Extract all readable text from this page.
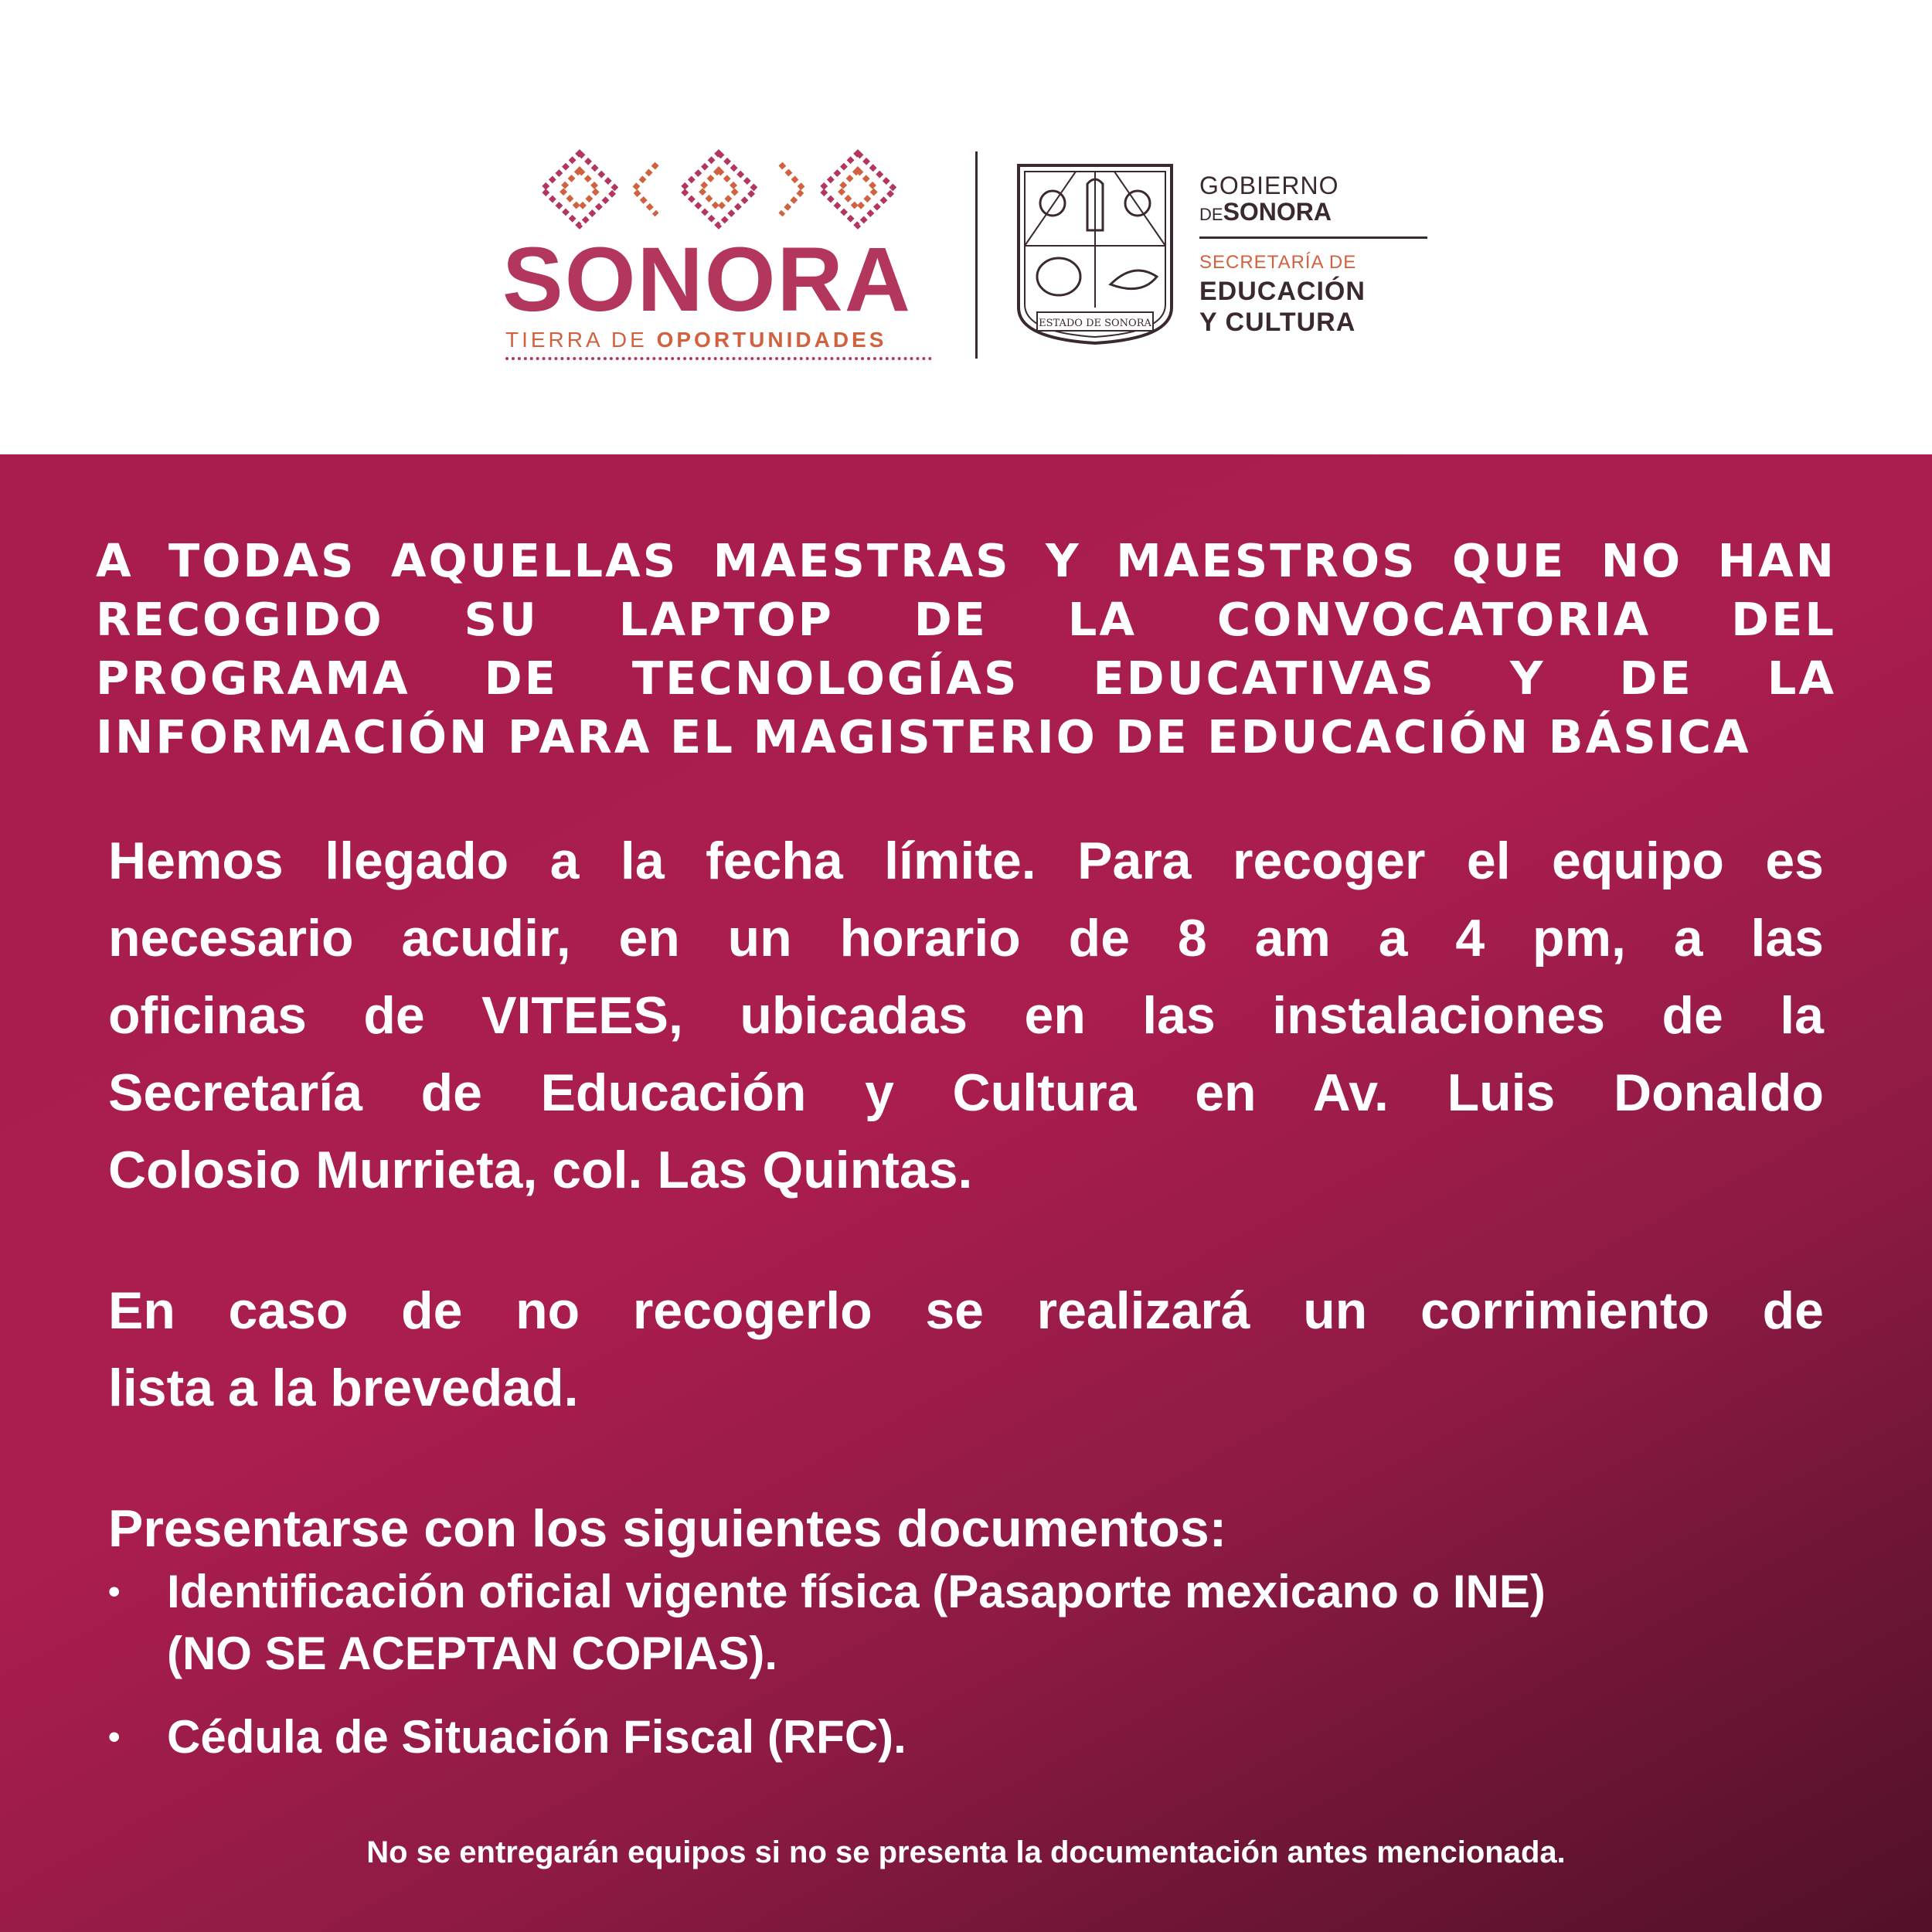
SONORA
TIERRA DE OPORTUNIDADES
ESTADO DE SONORA
GOBIERNO
DESONORA
SECRETARÍA DE
EDUCACIÓN
Y CULTURA
A TODAS AQUELLAS MAESTRAS Y MAESTROS QUE NO HAN
RECOGIDO SU LAPTOP DE LA CONVOCATORIA DEL
PROGRAMA DE TECNOLOGÍAS EDUCATIVAS Y DE LA
INFORMACIÓN PARA EL MAGISTERIO DE EDUCACIÓN BÁSICA
Hemos llegado a la fecha límite. Para recoger el equipo es
necesario acudir, en un horario de 8 am a 4 pm, a las
oficinas de VITEES, ubicadas en las instalaciones de la
Secretaría de Educación y Cultura en Av. Luis Donaldo
Colosio Murrieta, col. Las Quintas.
En caso de no recogerlo se realizará un corrimiento de
lista a la brevedad.
Presentarse con los siguientes documentos:
•	Identificación oficial vigente física (Pasaporte mexicano o INE)
(NO SE ACEPTAN COPIAS).
•	Cédula de Situación Fiscal (RFC).
No se entregarán equipos si no se presenta la documentación antes mencionada.
